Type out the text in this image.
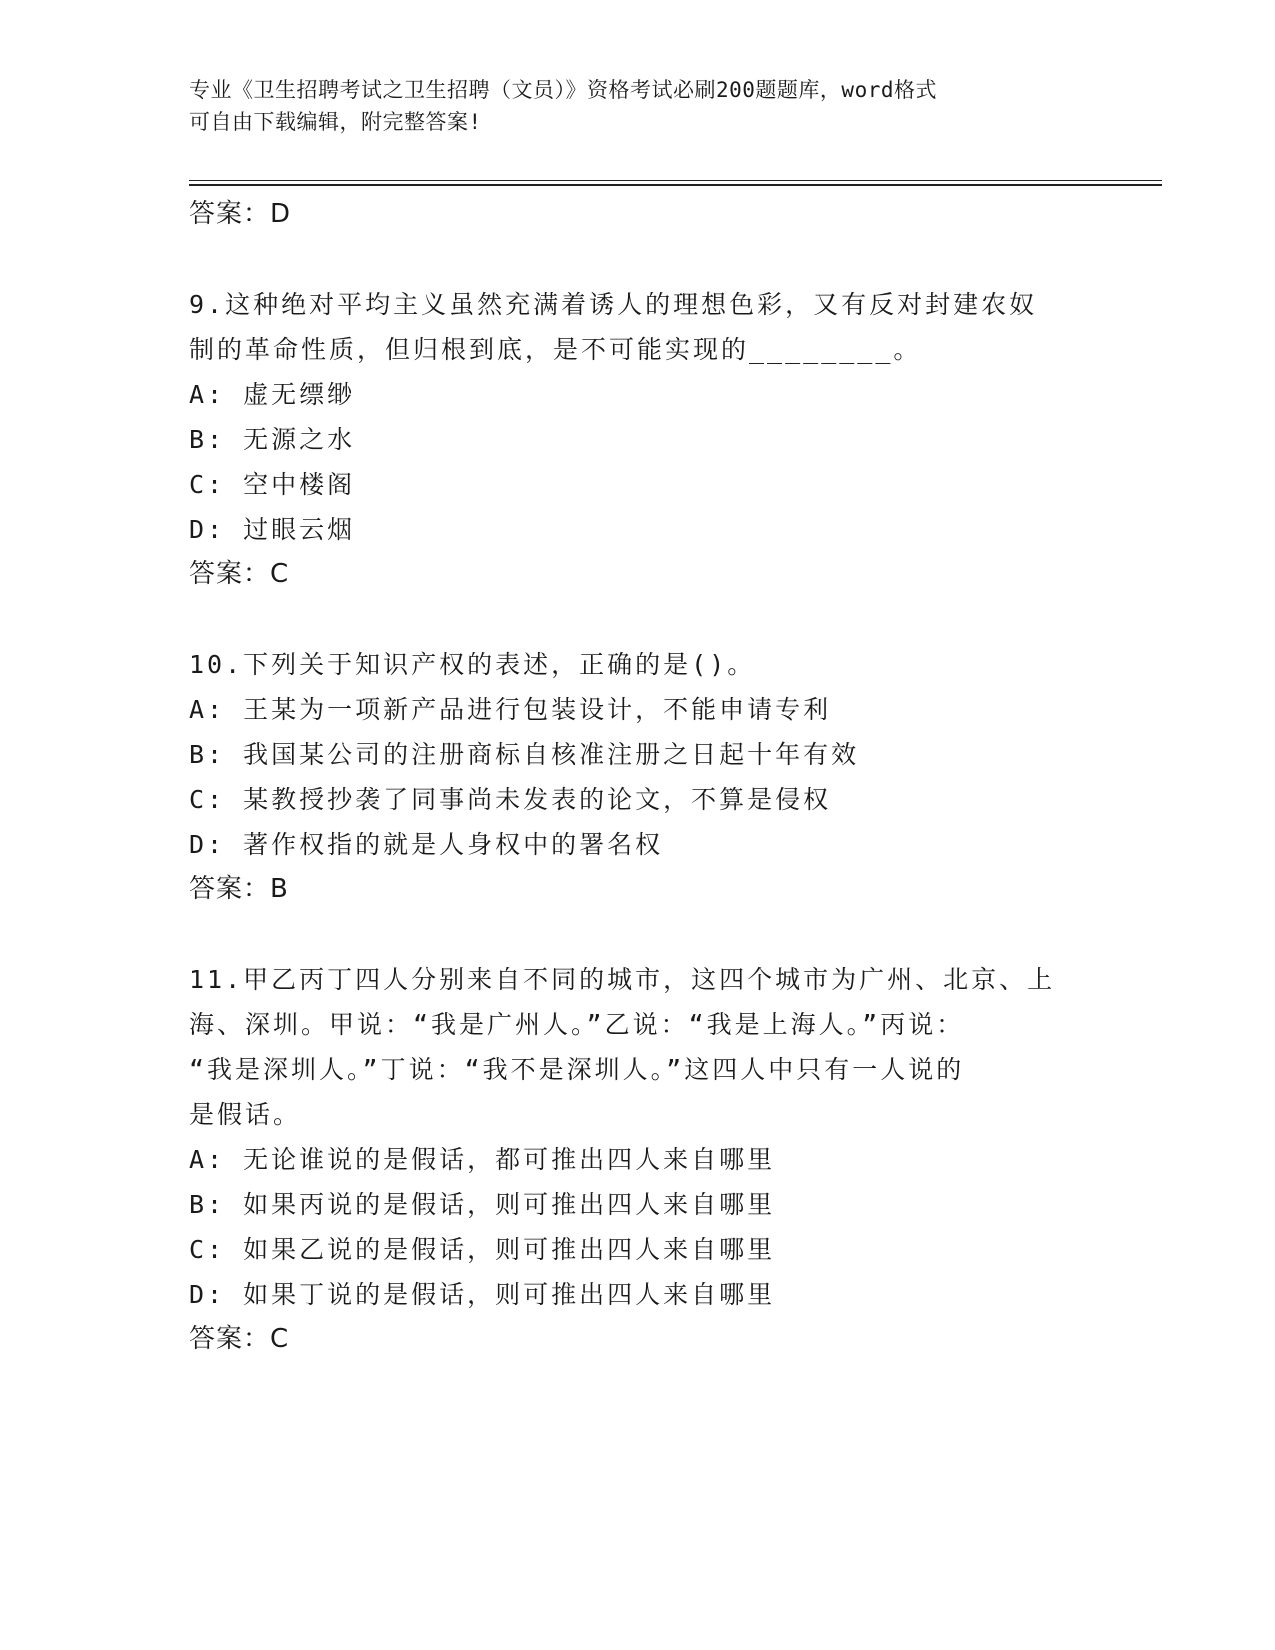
专业《卫生招聘考试之卫生招聘（文员）》资格考试必刷200题题库，word格式
可自由下载编辑，附完整答案!
答案：D
9.这种绝对平均主义虽然充满着诱人的理想色彩，又有反对封建农奴
制的革命性质，但归根到底，是不可能实现的________。
A: 虚无缥缈
B: 无源之水
C: 空中楼阁
D: 过眼云烟
答案：C
10.下列关于知识产权的表述，正确的是()。
A: 王某为一项新产品进行包装设计，不能申请专利
B: 我国某公司的注册商标自核准注册之日起十年有效
C: 某教授抄袭了同事尚未发表的论文，不算是侵权
D: 著作权指的就是人身权中的署名权
答案：B
11.甲乙丙丁四人分别来自不同的城市，这四个城市为广州、北京、上
海、深圳。甲说：“我是广州人。”乙说：“我是上海人。”丙说：
“我是深圳人。”丁说：“我不是深圳人。”这四人中只有一人说的
是假话。
A: 无论谁说的是假话，都可推出四人来自哪里
B: 如果丙说的是假话，则可推出四人来自哪里
C: 如果乙说的是假话，则可推出四人来自哪里
D: 如果丁说的是假话，则可推出四人来自哪里
答案：C
